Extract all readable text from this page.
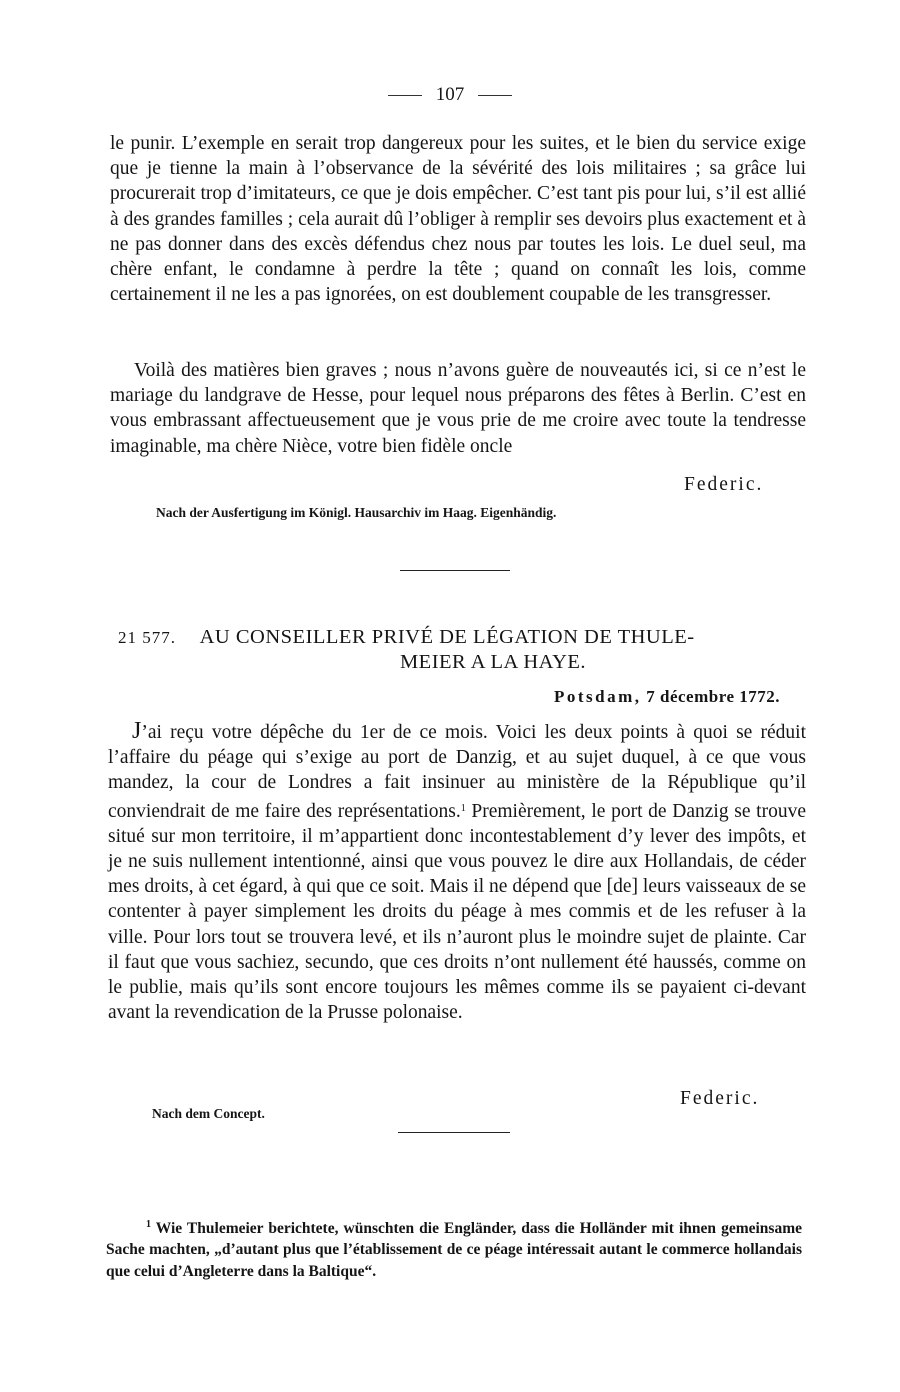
107

le punir. L’exemple en serait trop dangereux pour les suites, et le bien du service exige que je tienne la main à l’observance de la sévérité des lois militaires ; sa grâce lui procurerait trop d’imitateurs, ce que je dois empêcher. C’est tant pis pour lui, s’il est allié à des grandes familles ; cela aurait dû l’obliger à remplir ses devoirs plus exactement et à ne pas donner dans des excès défendus chez nous par toutes les lois. Le duel seul, ma chère enfant, le condamne à perdre la tête ; quand on connaît les lois, comme certainement il ne les a pas ignorées, on est doublement coupable de les transgresser.

Voilà des matières bien graves ; nous n’avons guère de nouveautés ici, si ce n’est le mariage du landgrave de Hesse, pour lequel nous préparons des fêtes à Berlin. C’est en vous embrassant affectueusement que je vous prie de me croire avec toute la tendresse imaginable, ma chère Nièce, votre bien fidèle oncle

Federic.
Nach der Ausfertigung im Königl. Hausarchiv im Haag. Eigenhändig.
21 577. AU CONSEILLER PRIVÉ DE LÉGATION DE THULE-
MEIER A LA HAYE.
Potsdam, 7 décembre 1772.

J’ai reçu votre dépêche du 1er de ce mois. Voici les deux points à quoi se réduit l’affaire du péage qui s’exige au port de Danzig, et au sujet duquel, à ce que vous mandez, la cour de Londres a fait insinuer au ministère de la République qu’il conviendrait de me faire des représentations.$^1$ Premièrement, le port de Danzig se trouve situé sur mon territoire, il m’appartient donc incontestablement d’y lever des impôts, et je ne suis nullement intentionné, ainsi que vous pouvez le dire aux Hollandais, de céder mes droits, à cet égard, à qui que ce soit. Mais il ne dépend que [de] leurs vaisseaux de se contenter à payer simplement les droits du péage à mes commis et de les refuser à la ville. Pour lors tout se trouvera levé, et ils n’auront plus le moindre sujet de plainte. Car il faut que vous sachiez, secundo, que ces droits n’ont nullement été haussés, comme on le publie, mais qu’ils sont encore toujours les mêmes comme ils se payaient ci-devant avant la revendication de la Prusse polonaise.

Federic.
Nach dem Concept.

$^1$ Wie Thulemeier berichtete, wünschten die Engländer, dass die Holländer mit ihnen gemeinsame Sache machten, „d’autant plus que l’établissement de ce péage intéressait autant le commerce hollandais que celui d’Angleterre dans la Baltique“.
